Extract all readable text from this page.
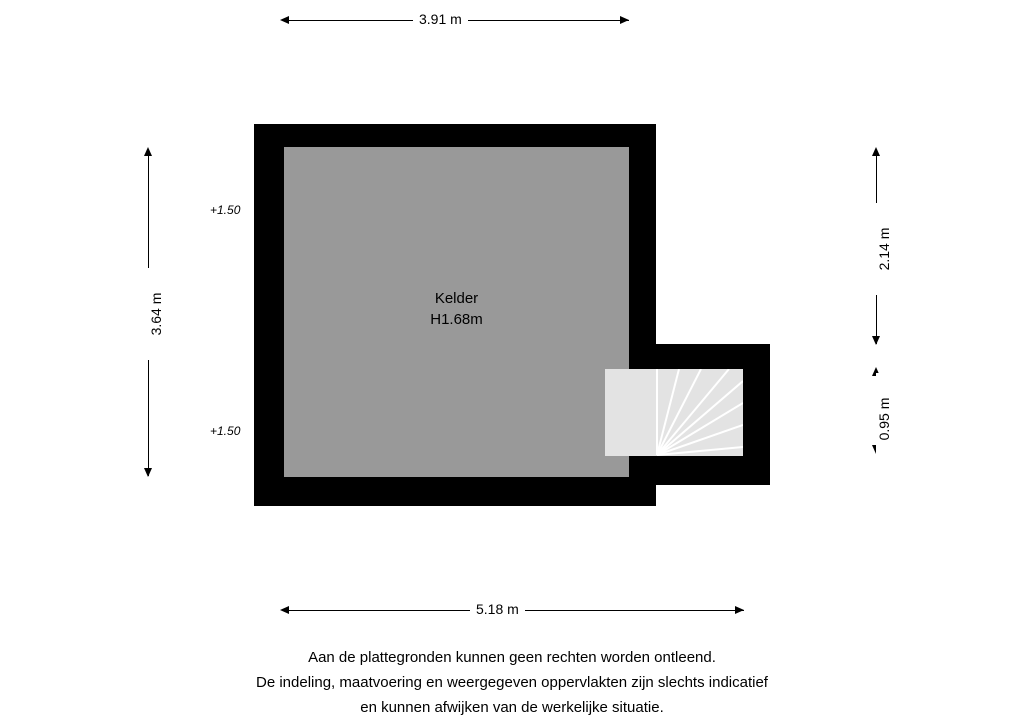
3.91 m
3.64 m
2.14 m
0.95 m
5.18 m
Kelder
H1.68m
+1.50
+1.50
Aan de plattegronden kunnen geen rechten worden ontleend.
De indeling, maatvoering en weergegeven oppervlakten zijn slechts indicatief
en kunnen afwijken van de werkelijke situatie.
